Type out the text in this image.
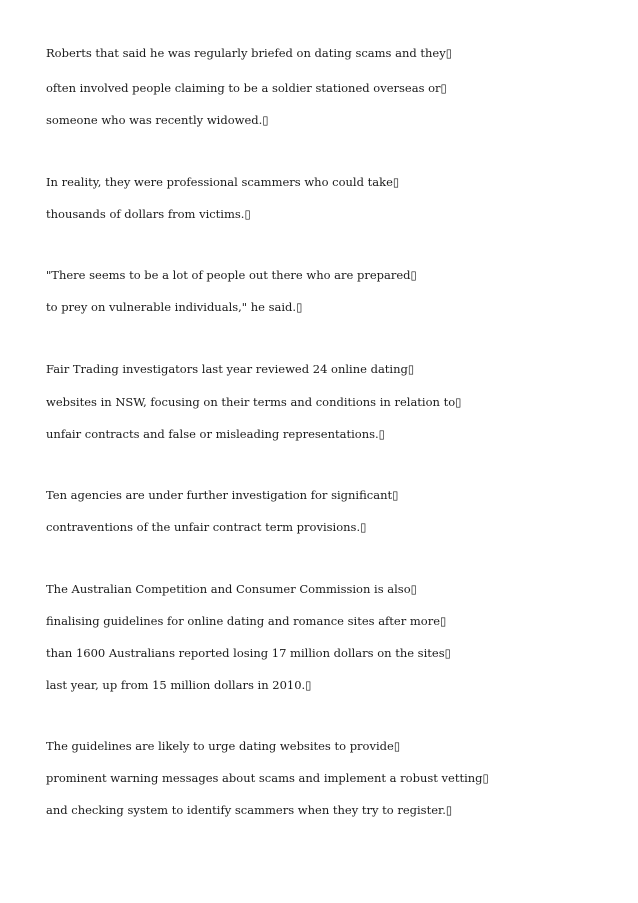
Roberts that said he was regularly briefed on dating scams and they▯
often involved people claiming to be a soldier stationed overseas or▯
someone who was recently widowed.▯
In reality, they were professional scammers who could take▯
thousands of dollars from victims.▯
"There seems to be a lot of people out there who are prepared▯
to prey on vulnerable individuals," he said.▯
Fair Trading investigators last year reviewed 24 online dating▯
websites in NSW, focusing on their terms and conditions in relation to▯
unfair contracts and false or misleading representations.▯
Ten agencies are under further investigation for significant▯
contraventions of the unfair contract term provisions.▯
The Australian Competition and Consumer Commission is also▯
finalising guidelines for online dating and romance sites after more▯
than 1600 Australians reported losing 17 million dollars on the sites▯
last year, up from 15 million dollars in 2010.▯
The guidelines are likely to urge dating websites to provide▯
prominent warning messages about scams and implement a robust vetting▯
and checking system to identify scammers when they try to register.▯
